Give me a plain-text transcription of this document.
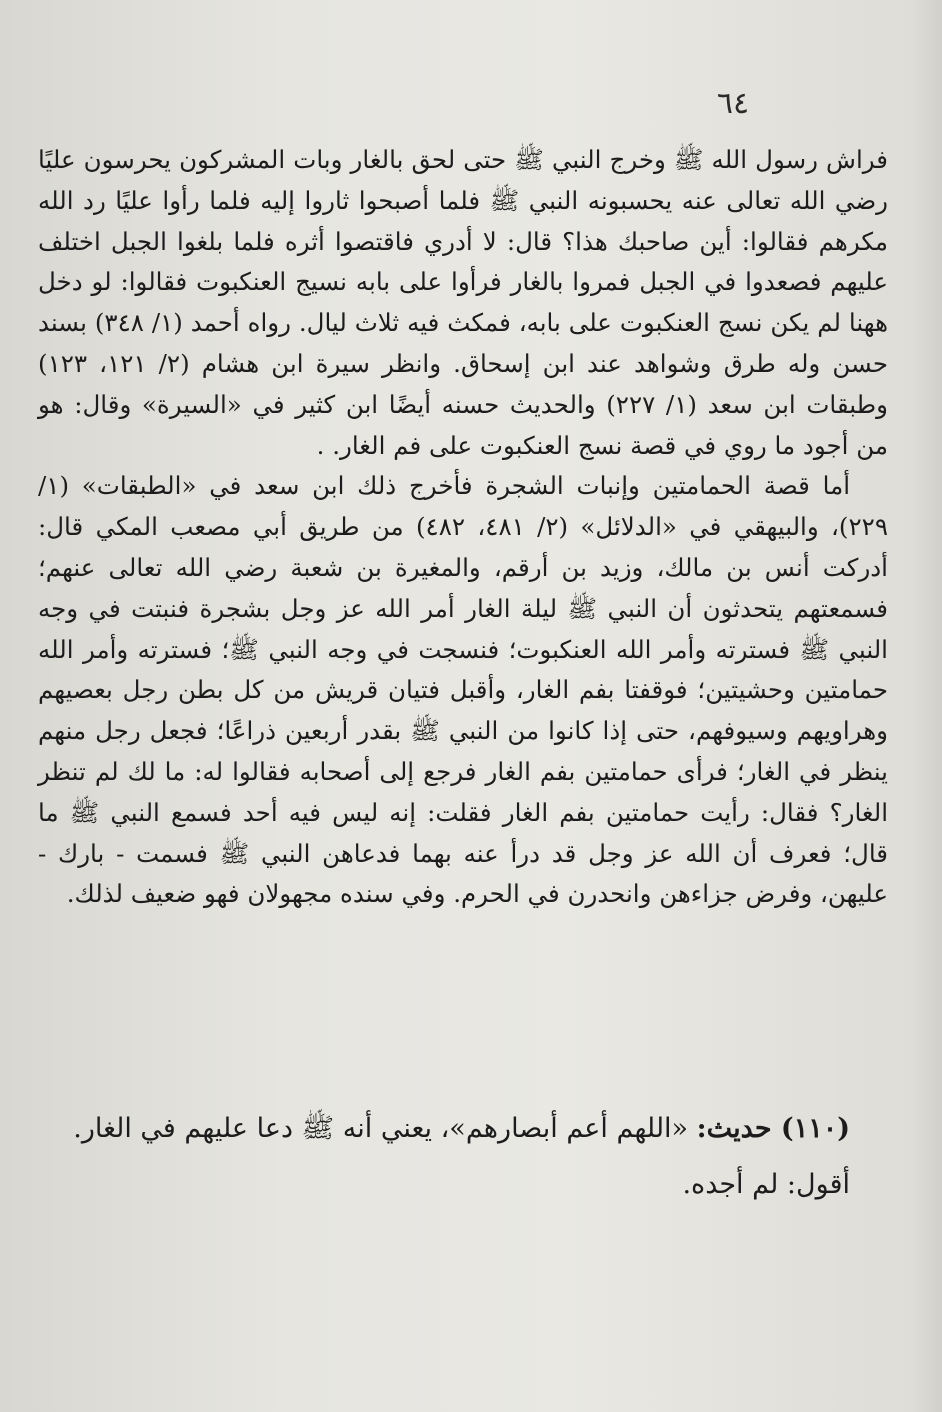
٦٤

فراش رسول الله ﷺ وخرج النبي ﷺ حتى لحق بالغار وبات المشركون يحرسون عليًا رضي الله تعالى عنه يحسبونه النبي ﷺ فلما أصبحوا ثاروا إليه فلما رأوا عليًا رد الله مكرهم فقالوا: أين صاحبك هذا؟ قال: لا أدري فاقتصوا أثره فلما بلغوا الجبل اختلف عليهم فصعدوا في الجبل فمروا بالغار فرأوا على بابه نسيج العنكبوت فقالوا: لو دخل ههنا لم يكن نسج العنكبوت على بابه، فمكث فيه ثلاث ليال. رواه أحمد (١/ ٣٤٨) بسند حسن وله طرق وشواهد عند ابن إسحاق. وانظر سيرة ابن هشام (٢/ ١٢١، ١٢٣) وطبقات ابن سعد (١/ ٢٢٧) والحديث حسنه أيضًا ابن كثير في «السيرة» وقال: هو من أجود ما روي في قصة نسج العنكبوت على فم الغار. .

أما قصة الحمامتين وإنبات الشجرة فأخرج ذلك ابن سعد في «الطبقات» (١/ ٢٢٩)، والبيهقي في «الدلائل» (٢/ ٤٨١، ٤٨٢) من طريق أبي مصعب المكي قال: أدركت أنس بن مالك، وزيد بن أرقم، والمغيرة بن شعبة رضي الله تعالى عنهم؛ فسمعتهم يتحدثون أن النبي ﷺ ليلة الغار أمر الله عز وجل بشجرة فنبتت في وجه النبي ﷺ فسترته وأمر الله العنكبوت؛ فنسجت في وجه النبي ﷺ؛ فسترته وأمر الله حمامتين وحشيتين؛ فوقفتا بفم الغار، وأقبل فتيان قريش من كل بطن رجل بعصيهم وهراويهم وسيوفهم، حتى إذا كانوا من النبي ﷺ بقدر أربعين ذراعًا؛ فجعل رجل منهم ينظر في الغار؛ فرأى حمامتين بفم الغار فرجع إلى أصحابه فقالوا له: ما لك لم تنظر الغار؟ فقال: رأيت حمامتين بفم الغار فقلت: إنه ليس فيه أحد فسمع النبي ﷺ ما قال؛ فعرف أن الله عز وجل قد درأ عنه بهما فدعاهن النبي ﷺ فسمت - بارك - عليهن، وفرض جزاءهن وانحدرن في الحرم. وفي سنده مجهولان فهو ضعيف لذلك.

(١١٠) حديث: «اللهم أعم أبصارهم»، يعني أنه ﷺ دعا عليهم في الغار.

أقول: لم أجده.
